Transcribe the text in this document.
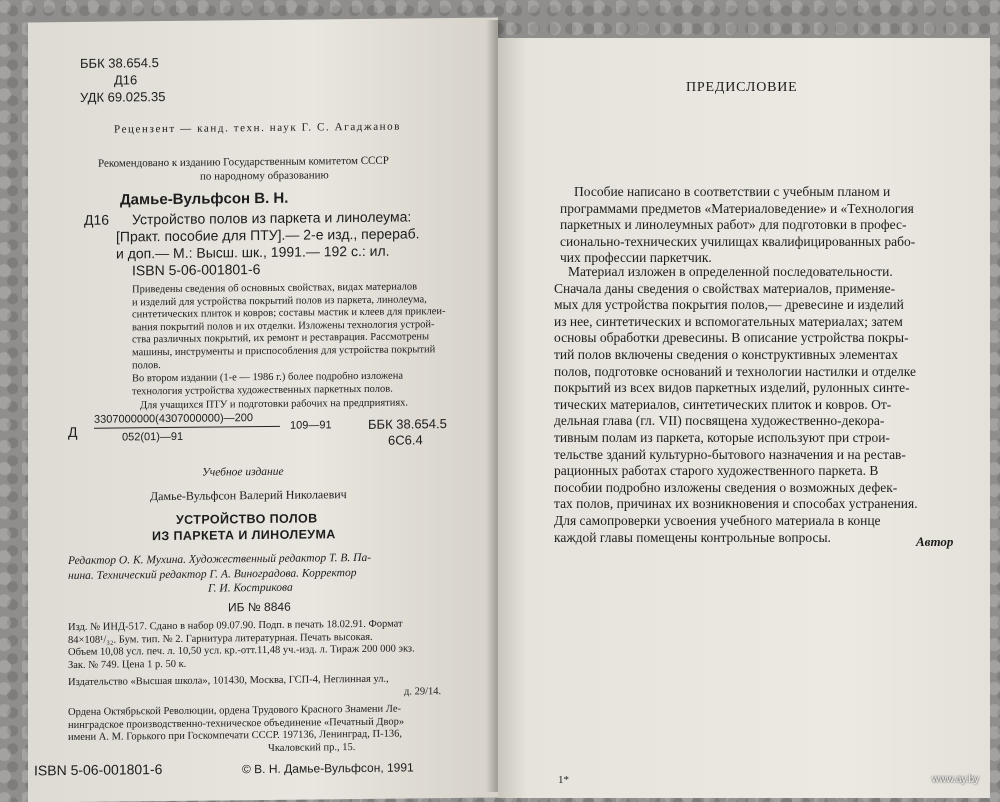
ББК 38.654.5
Д16
УДК 69.025.35
Рецензент — канд. техн. наук Г. С. Агаджанов
Рекомендовано к изданию Государственным комитетом СССР
по народному образованию
Дамье-Вульфсон В. Н.
Д16 Устройство полов из паркета и линолеума:
[Практ. пособие для ПТУ].— 2-е изд., перераб.
и доп.— М.: Высш. шк., 1991.— 192 с.: ил.
ISBN 5-06-001801-6
Приведены сведения об основных свойствах, видах материалов
и изделий для устройства покрытий полов из паркета, линолеума,
синтетических плиток и ковров; составы мастик и клеев для приклеи-
вания покрытий полов и их отделки. Изложены технология устрой-
ства различных покрытий, их ремонт и реставрация. Рассмотрены
машины, инструменты и приспособления для устройства покрытий
полов.
Во втором издании (1-е — 1986 г.) более подробно изложена
технология устройства художественных паркетных полов.
Для учащихся ПТУ и подготовки рабочих на предприятиях.
Д
3307000000(4307000000)—200
052(01)—91
109—91	ББК 38.654.5
6С6.4
Учебное издание
Дамье-Вульфсон Валерий Николаевич
УСТРОЙСТВО ПОЛОВ
ИЗ ПАРКЕТА И ЛИНОЛЕУМА
Редактор О. К. Мухина. Художественный редактор Т. В. Па-
нина. Технический редактор Г. А. Виноградова. Корректор
Г. И. Кострикова
ИБ № 8846
Изд. № ИНД-517. Сдано в набор 09.07.90. Подп. в печать 18.02.91. Формат
84×108¹/₃₂. Бум. тип. № 2. Гарнитура литературная. Печать высокая.
Объем 10,08 усл. печ. л. 10,50 усл. кр.-отт.11,48 уч.-изд. л. Тираж 200 000 экз.
Зак. № 749. Цена 1 р. 50 к.
Издательство «Высшая школа», 101430, Москва, ГСП-4, Неглинная ул.,
д. 29/14.
Ордена Октябрьской Революции, ордена Трудового Красного Знамени Ле-
нинградское производственно-техническое объединение «Печатный Двор»
имени А. М. Горького при Госкомпечати СССР. 197136, Ленинград, П-136,
Чкаловский пр., 15.
ISBN 5-06-001801-6	© В. Н. Дамье-Вульфсон, 1991
ПРЕДИСЛОВИЕ
Пособие написано в соответствии с учебным планом и
программами предметов «Материаловедение» и «Технология
паркетных и линолеумных работ» для подготовки в профес-
сионально-технических училищах квалифицированных рабо-
чих профессии паркетчик.
Материал изложен в определенной последовательности.
Сначала даны сведения о свойствах материалов, применяе-
мых для устройства покрытия полов,— древесине и изделий
из нее, синтетических и вспомогательных материалах; затем
основы обработки древесины. В описание устройства покры-
тий полов включены сведения о конструктивных элементах
полов, подготовке оснований и технологии настилки и отделке
покрытий из всех видов паркетных изделий, рулонных синте-
тических материалов, синтетических плиток и ковров. От-
дельная глава (гл. VII) посвящена художественно-декора-
тивным полам из паркета, которые используют при строи-
тельстве зданий культурно-бытового назначения и на рестав-
рационных работах старого художественного паркета. В
пособии подробно изложены сведения о возможных дефек-
тах полов, причинах их возникновения и способах устранения.
Для самопроверки усвоения учебного материала в конце
каждой главы помещены контрольные вопросы.	Автор
1*	www.ay.by
